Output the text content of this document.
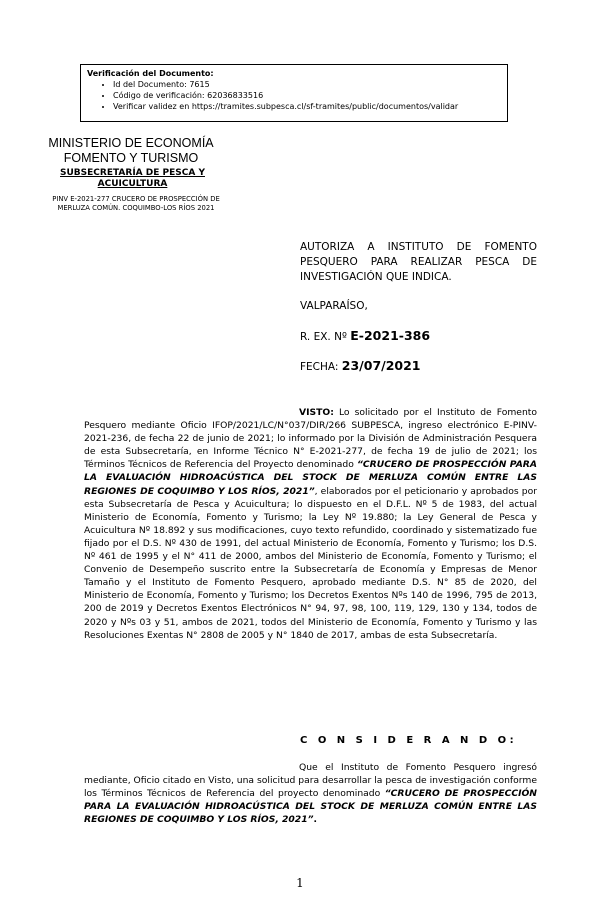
Verificación del Documento:
• Id del Documento: 7615
• Código de verificación: 62036833516
• Verificar validez en https://tramites.subpesca.cl/sf-tramites/public/documentos/validar
MINISTERIO DE ECONOMÍA
FOMENTO Y TURISMO
SUBSECRETARÍA DE PESCA Y ACUICULTURA
PINV E-2021-277 CRUCERO DE PROSPECCIÓN DE MERLUZA COMÚN. COQUIMBO-LOS RÍOS 2021
AUTORIZA A INSTITUTO DE FOMENTO PESQUERO PARA REALIZAR PESCA DE INVESTIGACIÓN QUE INDICA.
VALPARAÍSO,
R. EX. Nº E-2021-386
FECHA: 23/07/2021
VISTO: Lo solicitado por el Instituto de Fomento Pesquero mediante Oficio IFOP/2021/LC/N°037/DIR/266 SUBPESCA, ingreso electrónico E-PINV-2021-236, de fecha 22 de junio de 2021; lo informado por la División de Administración Pesquera de esta Subsecretaría, en Informe Técnico N° E-2021-277, de fecha 19 de julio de 2021; los Términos Técnicos de Referencia del Proyecto denominado “CRUCERO DE PROSPECCIÓN PARA LA EVALUACIÓN HIDROACÚSTICA DEL STOCK DE MERLUZA COMÚN ENTRE LAS REGIONES DE COQUIMBO Y LOS RÍOS, 2021”, elaborados por el peticionario y aprobados por esta Subsecretaría de Pesca y Acuicultura; lo dispuesto en el D.F.L. Nº 5 de 1983, del actual Ministerio de Economía, Fomento y Turismo; la Ley Nº 19.880; la Ley General de Pesca y Acuicultura Nº 18.892 y sus modificaciones, cuyo texto refundido, coordinado y sistematizado fue fijado por el D.S. Nº 430 de 1991, del actual Ministerio de Economía, Fomento y Turismo; los D.S. Nº 461 de 1995 y el N° 411 de 2000, ambos del Ministerio de Economía, Fomento y Turismo; el Convenio de Desempeño suscrito entre la Subsecretaría de Economía y Empresas de Menor Tamaño y el Instituto de Fomento Pesquero, aprobado mediante D.S. N° 85 de 2020, del Ministerio de Economía, Fomento y Turismo; los Decretos Exentos Nºs 140 de 1996, 795 de 2013, 200 de 2019 y Decretos Exentos Electrónicos N° 94, 97, 98, 100, 119, 129, 130 y 134, todos de 2020 y Nºs 03 y 51, ambos de 2021, todos del Ministerio de Economía, Fomento y Turismo y las Resoluciones Exentas N° 2808 de 2005 y N° 1840 de 2017, ambas de esta Subsecretaría.
C O N S I D E R A N D O:
Que el Instituto de Fomento Pesquero ingresó mediante, Oficio citado en Visto, una solicitud para desarrollar la pesca de investigación conforme los Términos Técnicos de Referencia del proyecto denominado “CRUCERO DE PROSPECCIÓN PARA LA EVALUACIÓN HIDROACÚSTICA DEL STOCK DE MERLUZA COMÚN ENTRE LAS REGIONES DE COQUIMBO Y LOS RÍOS, 2021”.
1
